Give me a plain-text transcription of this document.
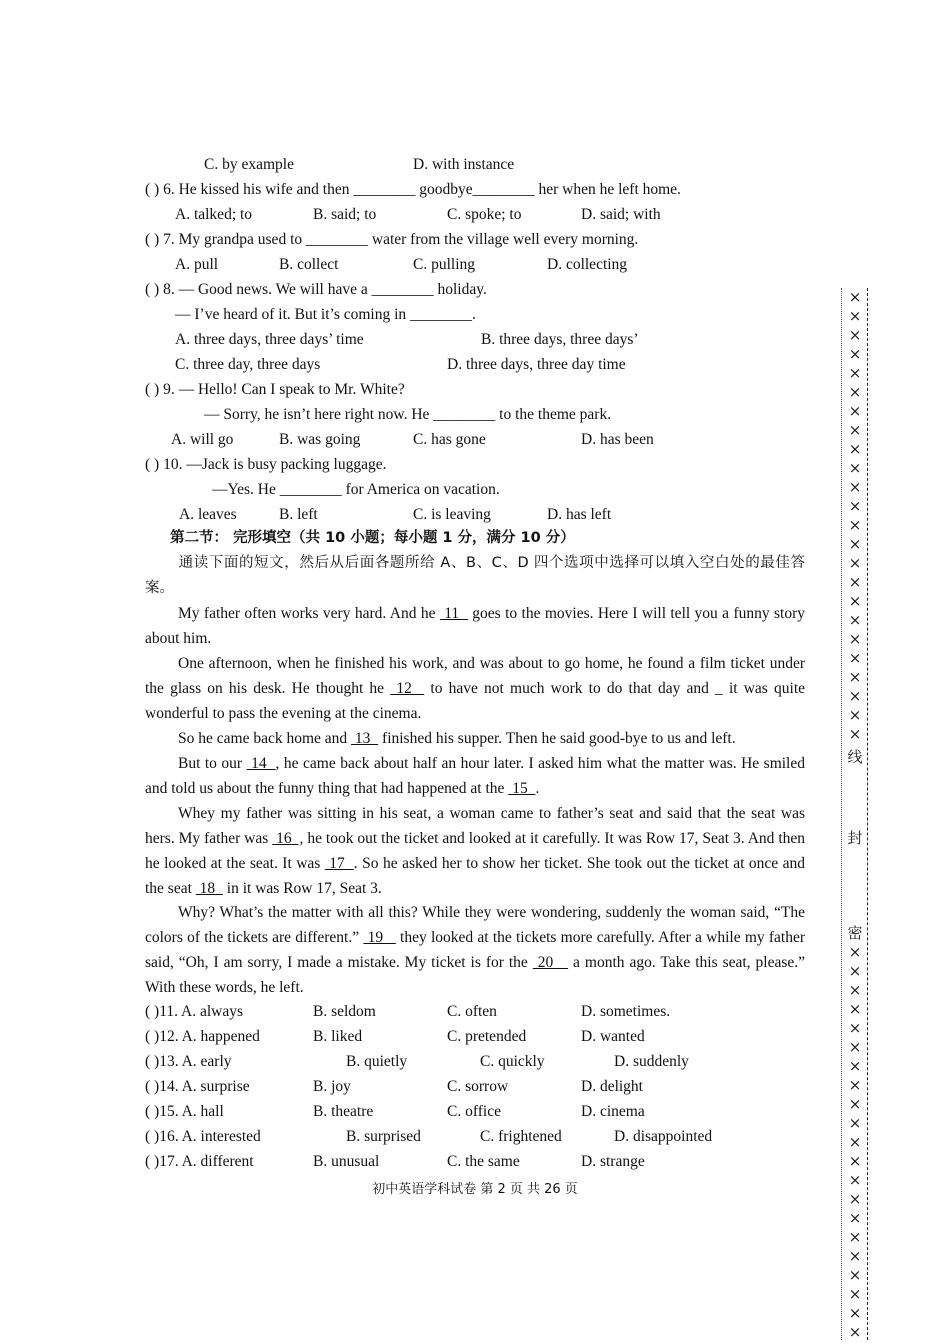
C. by example	D. with instance
( ) 6. He kissed his wife and then ________ goodbye________ her when he left home.
A. talked; to	B. said; to	C. spoke; to	D. said; with
( ) 7. My grandpa used to ________ water from the village well every morning.
A. pull	B. collect	C. pulling	D. collecting
( ) 8. — Good news. We will have a ________ holiday.
— I’ve heard of it. But it’s coming in ________.
A. three days, three days’ time	B. three days, three days’
C. three day, three days	D. three days, three day time
( ) 9. — Hello! Can I speak to Mr. White?
— Sorry, he isn’t here right now. He ________ to the theme park.
A. will go	B. was going	C. has gone	D. has been
( ) 10. —Jack is busy packing luggage.
—Yes. He ________ for America on vacation.
A. leaves	B. left	C. is leaving	D. has left
第二节： 完形填空（共 10 小题；每小题 1 分，满分 10 分）
通读下面的短文，然后从后面各题所给 A、B、C、D 四个选项中选择可以填入空白处的最佳答案。
My father often works very hard. And he  11   goes to the movies. Here I will tell you a funny story about him.
One afternoon, when he finished his work, and was about to go home, he found a film ticket under the glass on his desk. He thought he  12   to have not much work to do that day and _ it was quite wonderful to pass the evening at the cinema.
So he came back home and  13   finished his supper. Then he said good-bye to us and left.
But to our  14  , he came back about half an hour later. I asked him what the matter was. He smiled and told us about the funny thing that had happened at the  15  .
Whey my father was sitting in his seat, a woman came to father’s seat and said that the seat was hers. My father was  16  , he took out the ticket and looked at it carefully. It was Row 17, Seat 3. And then he looked at the seat. It was  17  . So he asked her to show her ticket. She took out the ticket at once and the seat  18   in it was Row 17, Seat 3.
Why? What’s the matter with all this? While they were wondering, suddenly the woman said, “The colors of the tickets are different.”  19    they looked at the tickets more carefully. After a while my father said, “Oh, I am sorry, I made a mistake. My ticket is for the  20    a month ago. Take this seat, please.” With these words, he left.
( )11. A. always	B. seldom	C. often	D. sometimes.
( )12. A. happened	B. liked	C. pretended	D. wanted
( )13. A. early	B. quietly	C. quickly	D. suddenly
( )14. A. surprise	B. joy	C. sorrow	D. delight
( )15. A. hall	B. theatre	C. office	D. cinema
( )16. A. interested	B. surprised	C. frightened	D. disappointed
( )17. A. different	B. unusual	C. the same	D. strange
初中英语学科试卷 第 2 页 共 26 页
×
×
×
×
×
×
×
×
×
×
×
×
×
×
×
×
×
×
×
×
×
×
×
×
×
×
×
×
×
×
×
×
×
×
×
×
×
×
×
×
×
×
×
×
×
线
封
密
